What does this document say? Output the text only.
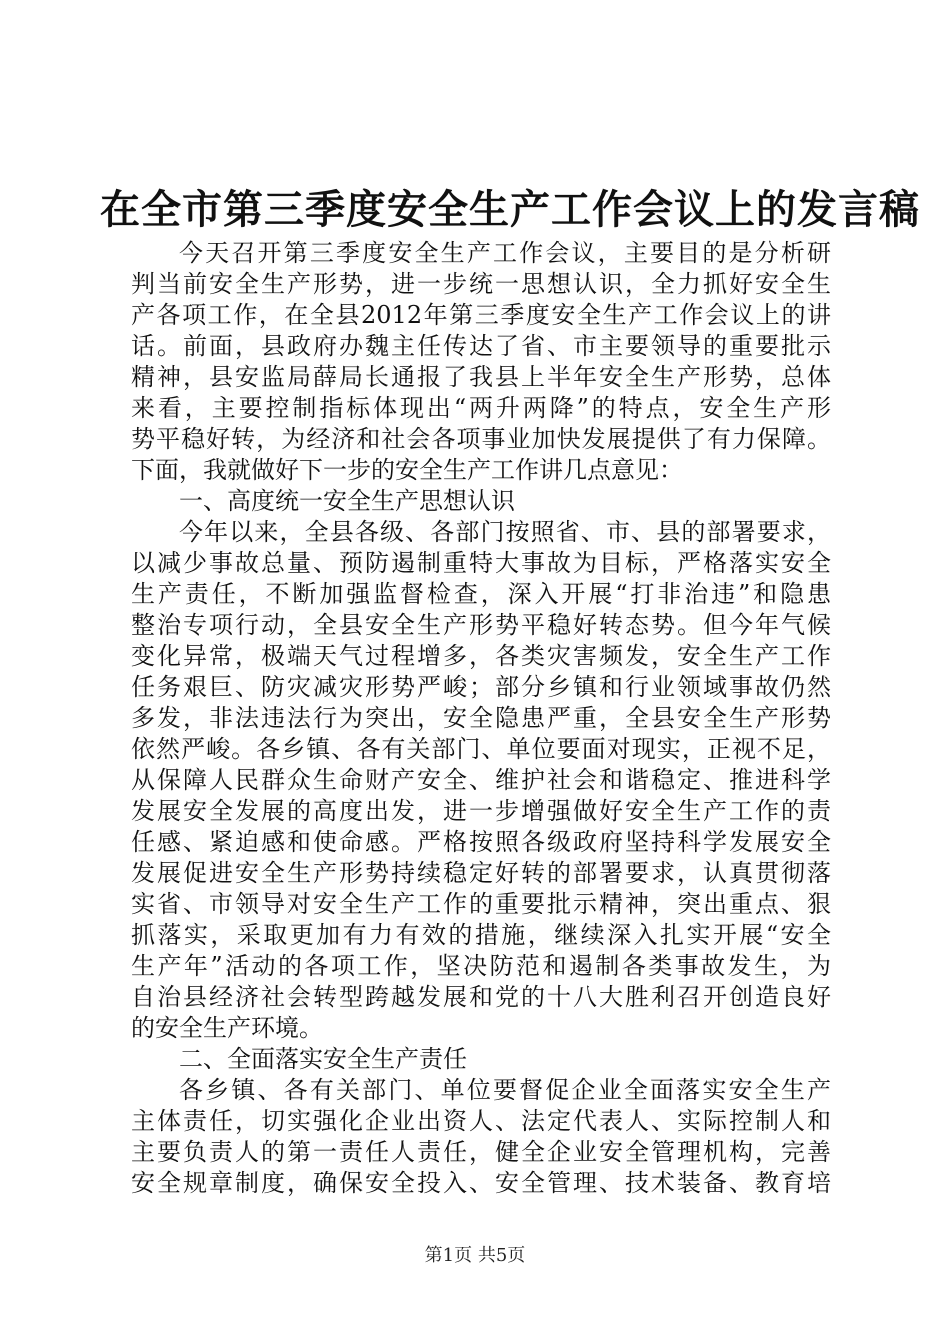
在全市第三季度安全生产工作会议上的发言稿
今天召开第三季度安全生产工作会议，主要目的是分析研
判当前安全生产形势，进一步统一思想认识，全力抓好安全生
产各项工作，在全县2012年第三季度安全生产工作会议上的讲
话。前面，县政府办魏主任传达了省、市主要领导的重要批示
精神，县安监局薛局长通报了我县上半年安全生产形势，总体
来看，主要控制指标体现出“两升两降”的特点，安全生产形
势平稳好转，为经济和社会各项事业加快发展提供了有力保障。
下面，我就做好下一步的安全生产工作讲几点意见：
一、高度统一安全生产思想认识
今年以来，全县各级、各部门按照省、市、县的部署要求，
以减少事故总量、预防遏制重特大事故为目标，严格落实安全
生产责任，不断加强监督检查，深入开展“打非治违”和隐患
整治专项行动，全县安全生产形势平稳好转态势。但今年气候
变化异常，极端天气过程增多，各类灾害频发，安全生产工作
任务艰巨、防灾减灾形势严峻；部分乡镇和行业领域事故仍然
多发，非法违法行为突出，安全隐患严重，全县安全生产形势
依然严峻。各乡镇、各有关部门、单位要面对现实，正视不足，
从保障人民群众生命财产安全、维护社会和谐稳定、推进科学
发展安全发展的高度出发，进一步增强做好安全生产工作的责
任感、紧迫感和使命感。严格按照各级政府坚持科学发展安全
发展促进安全生产形势持续稳定好转的部署要求，认真贯彻落
实省、市领导对安全生产工作的重要批示精神，突出重点、狠
抓落实，采取更加有力有效的措施，继续深入扎实开展“安全
生产年”活动的各项工作，坚决防范和遏制各类事故发生，为
自治县经济社会转型跨越发展和党的十八大胜利召开创造良好
的安全生产环境。
二、全面落实安全生产责任
各乡镇、各有关部门、单位要督促企业全面落实安全生产
主体责任，切实强化企业出资人、法定代表人、实际控制人和
主要负责人的第一责任人责任，健全企业安全管理机构，完善
安全规章制度，确保安全投入、安全管理、技术装备、教育培
第1页 共5页
